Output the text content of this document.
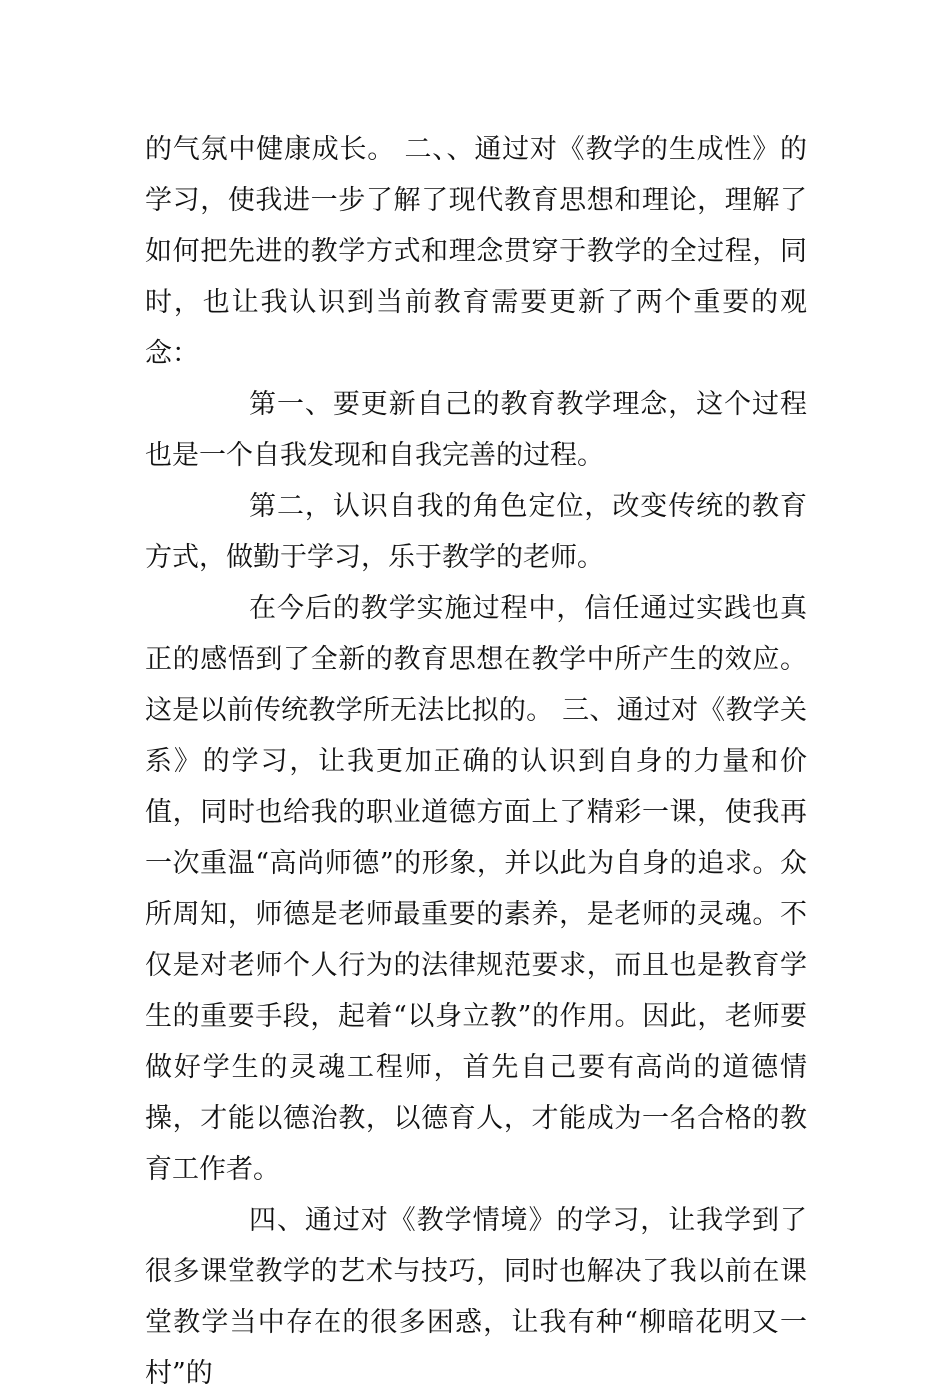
的气氛中健康成长。 二、、通过对《教学的生成性》的学习，使我进一步了解了现代教育思想和理论，理解了如何把先进的教学方式和理念贯穿于教学的全过程，同时，也让我认识到当前教育需要更新了两个重要的观念：

第一、要更新自己的教育教学理念，这个过程也是一个自我发现和自我完善的过程。

第二，认识自我的角色定位，改变传统的教育方式，做勤于学习，乐于教学的老师。

在今后的教学实施过程中，信任通过实践也真正的感悟到了全新的教育思想在教学中所产生的效应。这是以前传统教学所无法比拟的。 三、通过对《教学关系》的学习，让我更加正确的认识到自身的力量和价值，同时也给我的职业道德方面上了精彩一课，使我再一次重温“高尚师德”的形象，并以此为自身的追求。众所周知，师德是老师最重要的素养，是老师的灵魂。不仅是对老师个人行为的法律规范要求，而且也是教育学生的重要手段，起着“以身立教”的作用。因此，老师要做好学生的灵魂工程师，首先自己要有高尚的道德情操，才能以德治教，以德育人，才能成为一名合格的教育工作者。

四、通过对《教学情境》的学习，让我学到了很多课堂教学的艺术与技巧，同时也解决了我以前在课堂教学当中存在的很多困惑，让我有种“柳暗花明又一村”的
